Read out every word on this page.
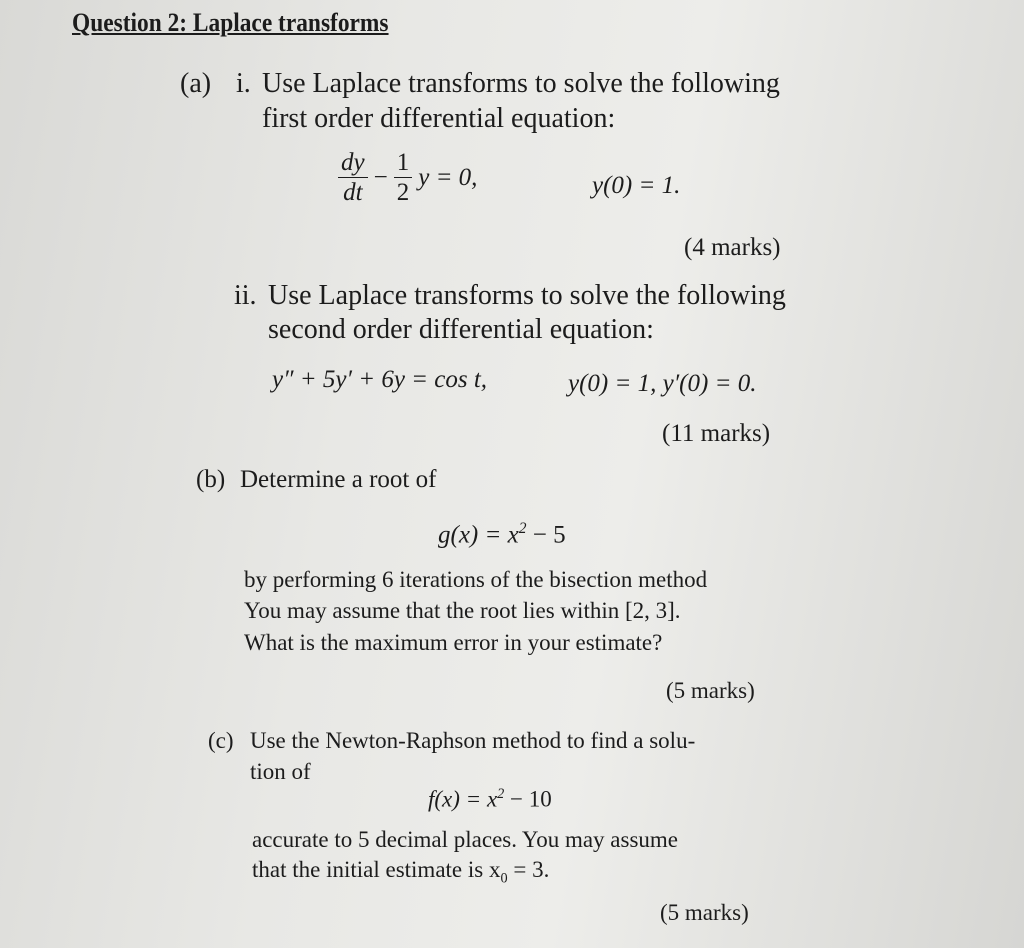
Question 2: Laplace transforms
(a) i. Use Laplace transforms to solve the following
first order differential equation:
$\frac{dy}{dt} - \frac{1}{2}$ y = 0,	y(0) = 1.
(4 marks)
ii. Use Laplace transforms to solve the following
second order differential equation:
y″ + 5y′ + 6y = cos t,	y(0) = 1, y′(0) = 0.
(11 marks)
(b) Determine a root of
$g(x) = x^2 - 5$
by performing 6 iterations of the bisection method
You may assume that the root lies within [2, 3].
What is the maximum error in your estimate?
(5 marks)
(c) Use the Newton-Raphson method to find a solu-
tion of
$f(x) = x^2 - 10$
accurate to 5 decimal places. You may assume
that the initial estimate is $x_0 = 3$.
(5 marks)
